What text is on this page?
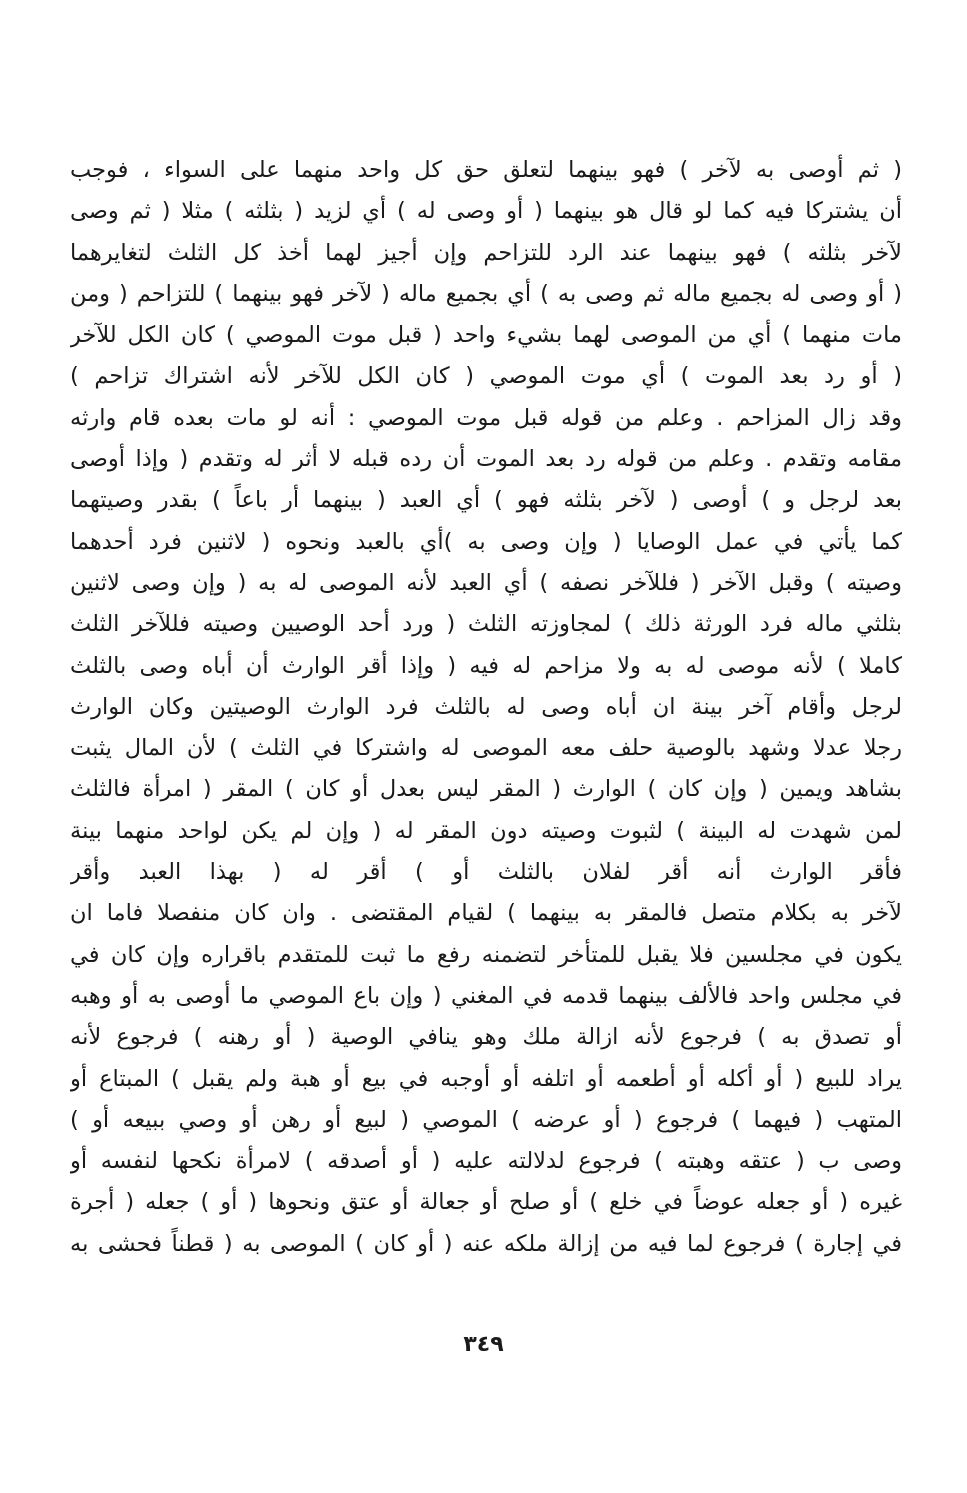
( ثم أوصى به لآخر ) فهو بينهما لتعلق حق كل واحد منهما على السواء ، فوجب
أن يشتركا فيه كما لو قال هو بينهما ( أو وصى له ) أي لزيد ( بثلثه ) مثلا ( ثم وصى
لآخر بثلثه ) فهو بينهما عند الرد للتزاحم وإن أجيز لهما أخذ كل الثلث لتغايرهما
( أو وصى له بجميع ماله ثم وصى به ) أي بجميع ماله ( لآخر فهو بينهما ) للتزاحم ( ومن
مات منهما ) أي من الموصى لهما بشيء واحد ( قبل موت الموصي ) كان الكل للآخر
( أو رد بعد الموت ) أي موت الموصي ( كان الكل للآخر لأنه اشتراك تزاحم )
وقد زال المزاحم . وعلم من قوله قبل موت الموصي : أنه لو مات بعده قام وارثه
مقامه وتقدم . وعلم من قوله رد بعد الموت أن رده قبله لا أثر له وتقدم ( وإذا أوصى
بعد لرجل و ) أوصى ( لآخر بثلثه فهو ) أي العبد ( بينهما أر باعاً ) بقدر وصيتهما
كما يأتي في عمل الوصايا ( وإن وصى به )أي بالعبد ونحوه ( لاثنين فرد أحدهما
وصيته ) وقبل الآخر ( فللآخر نصفه ) أي العبد لأنه الموصى له به ( وإن وصى لاثنين
بثلثي ماله فرد الورثة ذلك ) لمجاوزته الثلث ( ورد أحد الوصيين وصيته فللآخر الثلث
كاملا ) لأنه موصى له به ولا مزاحم له فيه ( وإذا أقر الوارث أن أباه وصى بالثلث
لرجل وأقام آخر بينة ان أباه وصى له بالثلث فرد الوارث الوصيتين وكان الوارث
رجلا عدلا وشهد بالوصية حلف معه الموصى له واشتركا في الثلث ) لأن المال يثبت
بشاهد ويمين ( وإن كان ) الوارث ( المقر ليس بعدل أو كان ) المقر ( امرأة فالثلث
لمن شهدت له البينة ) لثبوت وصيته دون المقر له ( وإن لم يكن لواحد منهما بينة
فأقر الوارث أنه أقر لفلان بالثلث أو ) أقر له ( بهذا العبد وأقر
لآخر به بكلام متصل فالمقر به بينهما ) لقيام المقتضى . وان كان منفصلا فاما ان
يكون في مجلسين فلا يقبل للمتأخر لتضمنه رفع ما ثبت للمتقدم باقراره وإن كان في
في مجلس واحد فالألف بينهما قدمه في المغني ( وإن باع الموصي ما أوصى به أو وهبه
أو تصدق به ) فرجوع لأنه ازالة ملك وهو ينافي الوصية ( أو رهنه ) فرجوع لأنه
يراد للبيع ( أو أكله أو أطعمه أو اتلفه أو أوجبه في بيع أو هبة ولم يقبل ) المبتاع أو
المتهب ( فيهما ) فرجوع ( أو عرضه ) الموصي ( لبيع أو رهن أو وصي ببيعه أو )
وصى ب ( عتقه وهبته ) فرجوع لدلالته عليه ( أو أصدقه ) لامرأة نكحها لنفسه أو
غيره ( أو جعله عوضاً في خلع ) أو صلح أو جعالة أو عتق ونحوها ( أو ) جعله ( أجرة
في إجارة ) فرجوع لما فيه من إزالة ملكه عنه ( أو كان ) الموصى به ( قطناً فحشى به
٣٤٩
